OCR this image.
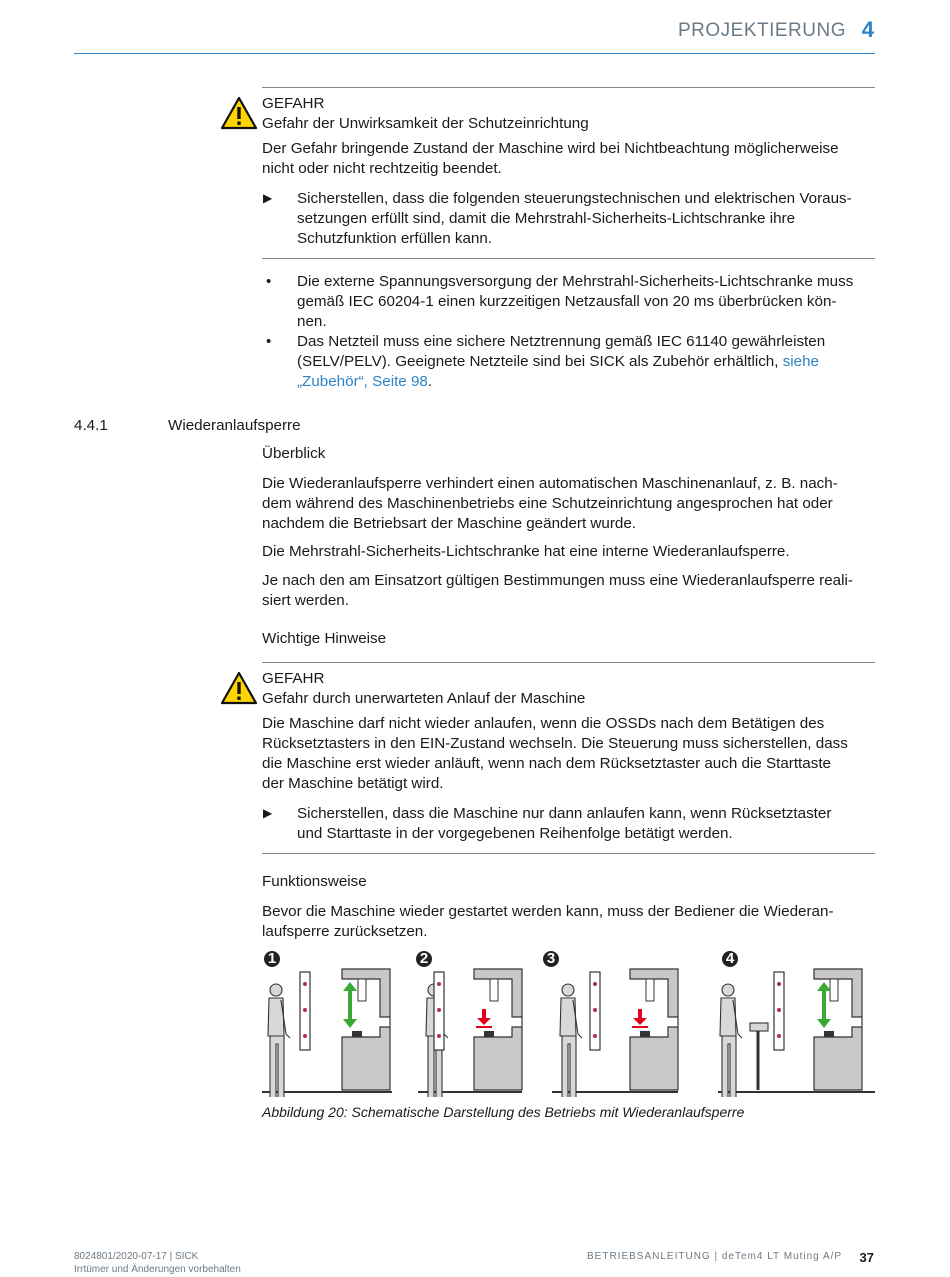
PROJEKTIERUNG 4
GEFAHR
Gefahr der Unwirksamkeit der Schutzeinrichtung
Der Gefahr bringende Zustand der Maschine wird bei Nichtbeachtung möglicherweise
nicht oder nicht rechtzeitig beendet.
▶ Sicherstellen, dass die folgenden steuerungstechnischen und elektrischen Voraus-
setzungen erfüllt sind, damit die Mehrstrahl-Sicherheits-Lichtschranke ihre
Schutzfunktion erfüllen kann.
• Die externe Spannungsversorgung der Mehrstrahl-Sicherheits-Lichtschranke muss
gemäß IEC 60204-1 einen kurzzeitigen Netzausfall von 20 ms überbrücken kön-
nen.
• Das Netzteil muss eine sichere Netztrennung gemäß IEC 61140 gewährleisten
(SELV/PELV). Geeignete Netzteile sind bei SICK als Zubehör erhältlich, siehe
„Zubehör“, Seite 98.
4.4.1	Wiederanlaufsperre
Überblick
Die Wiederanlaufsperre verhindert einen automatischen Maschinenanlauf, z. B. nach-
dem während des Maschinenbetriebs eine Schutzeinrichtung angesprochen hat oder
nachdem die Betriebsart der Maschine geändert wurde.
Die Mehrstrahl-Sicherheits-Lichtschranke hat eine interne Wiederanlaufsperre.
Je nach den am Einsatzort gültigen Bestimmungen muss eine Wiederanlaufsperre reali-
siert werden.
Wichtige Hinweise
GEFAHR
Gefahr durch unerwarteten Anlauf der Maschine
Die Maschine darf nicht wieder anlaufen, wenn die OSSDs nach dem Betätigen des
Rücksetztasters in den EIN-Zustand wechseln. Die Steuerung muss sicherstellen, dass
die Maschine erst wieder anläuft, wenn nach dem Rücksetztaster auch die Starttaste
der Maschine betätigt wird.
▶ Sicherstellen, dass die Maschine nur dann anlaufen kann, wenn Rücksetztaster
und Starttaste in der vorgegebenen Reihenfolge betätigt werden.
Funktionsweise
Bevor die Maschine wieder gestartet werden kann, muss der Bediener die Wiederan-
laufsperre zurücksetzen.
1	2	3	4
Abbildung 20: Schematische Darstellung des Betriebs mit Wiederanlaufsperre
8024801/2020-07-17 | SICK
Irrtümer und Änderungen vorbehalten
BETRIEBSANLEITUNG | deTem4 LT Muting A/P 37
